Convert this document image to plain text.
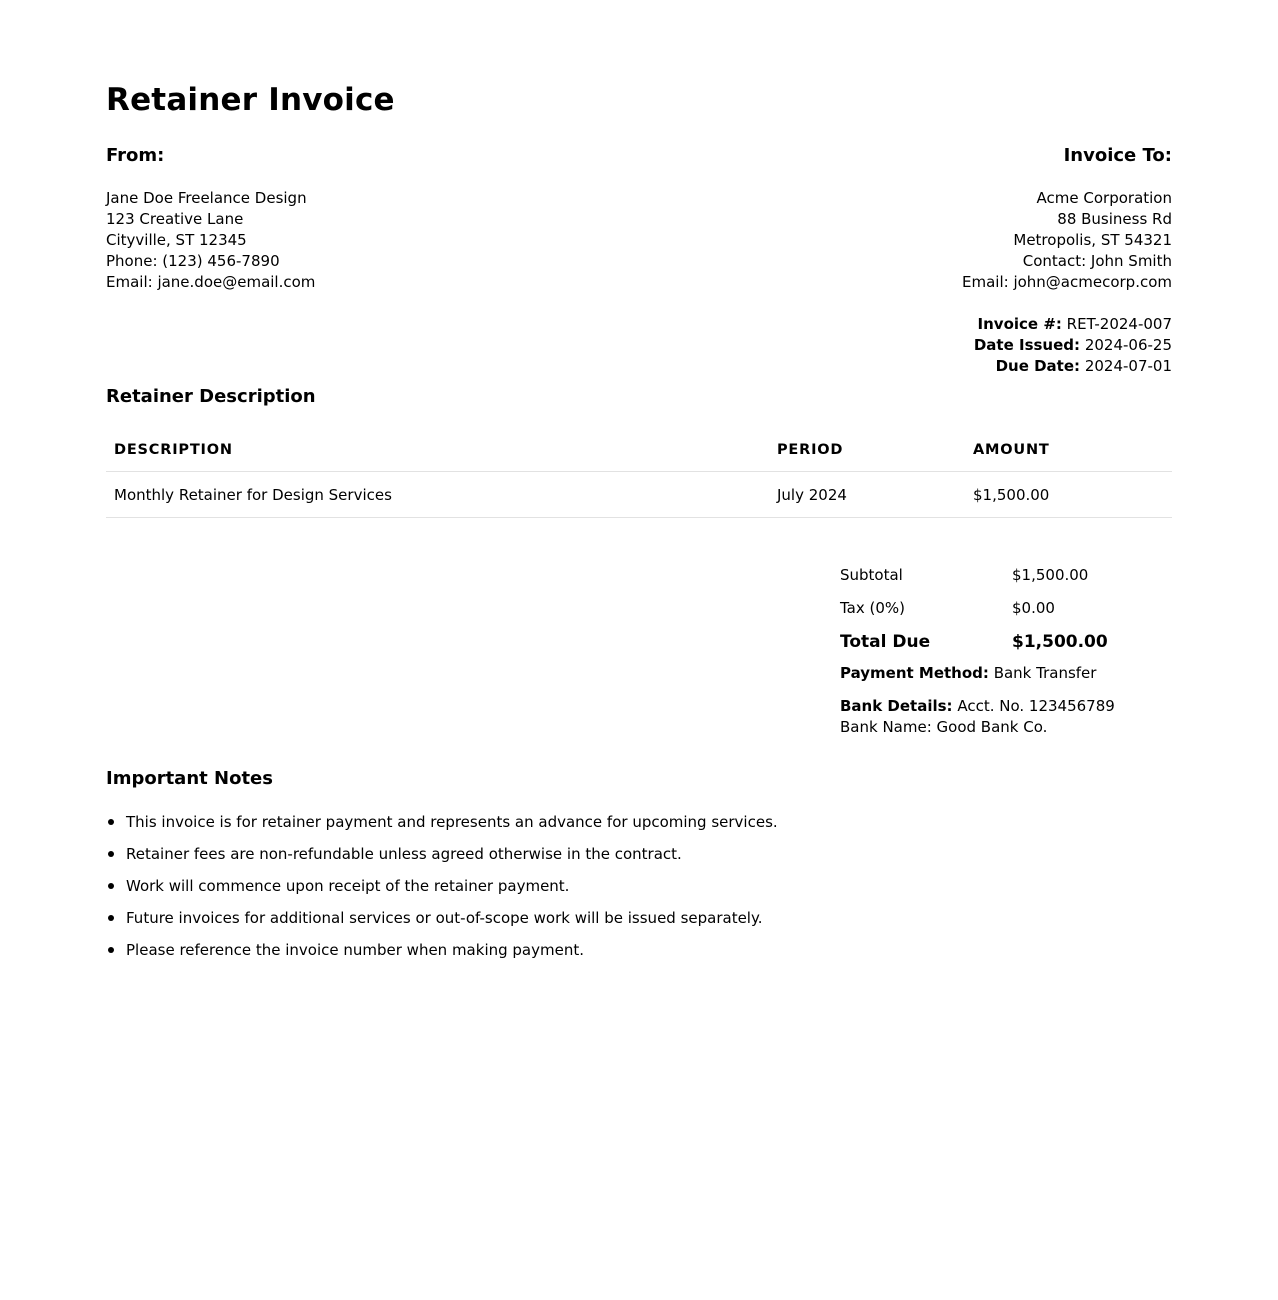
Retainer Invoice
From:
Jane Doe Freelance Design
123 Creative Lane
Cityville, ST 12345
Phone: (123) 456-7890
Email: jane.doe@email.com
Invoice To:
Acme Corporation
88 Business Rd
Metropolis, ST 54321
Contact: John Smith
Email: john@acmecorp.com
Invoice #: RET-2024-007
Date Issued: 2024-06-25
Due Date: 2024-07-01
Retainer Description
DESCRIPTION	PERIOD	AMOUNT
Monthly Retainer for Design Services	July 2024	$1,500.00
Subtotal	$1,500.00
Tax (0%)	$0.00
Total Due	$1,500.00
Payment Method: Bank Transfer
Bank Details: Acct. No. 123456789
Bank Name: Good Bank Co.
Important Notes
This invoice is for retainer payment and represents an advance for upcoming services.
Retainer fees are non-refundable unless agreed otherwise in the contract.
Work will commence upon receipt of the retainer payment.
Future invoices for additional services or out-of-scope work will be issued separately.
Please reference the invoice number when making payment.
